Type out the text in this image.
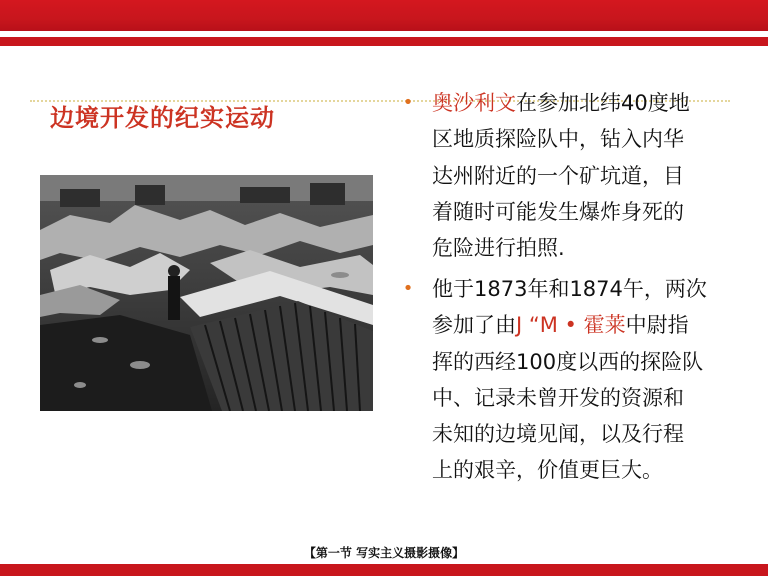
边境开发的纪实运动
• 奥沙利文在参加北纬40度地
区地质探险队中，钻入内华
达州附近的一个矿坑道，目
着随时可能发生爆炸身死的
危险进行拍照.
• 他于1873年和1874午，两次
参加了由J “M • 霍莱中尉指
挥的西经100度以西的探险队
中、记录未曾开发的资源和
未知的边境见闻，以及行程
上的艰辛，价值更巨大。
【第一节 写实主义摄影摄像】
